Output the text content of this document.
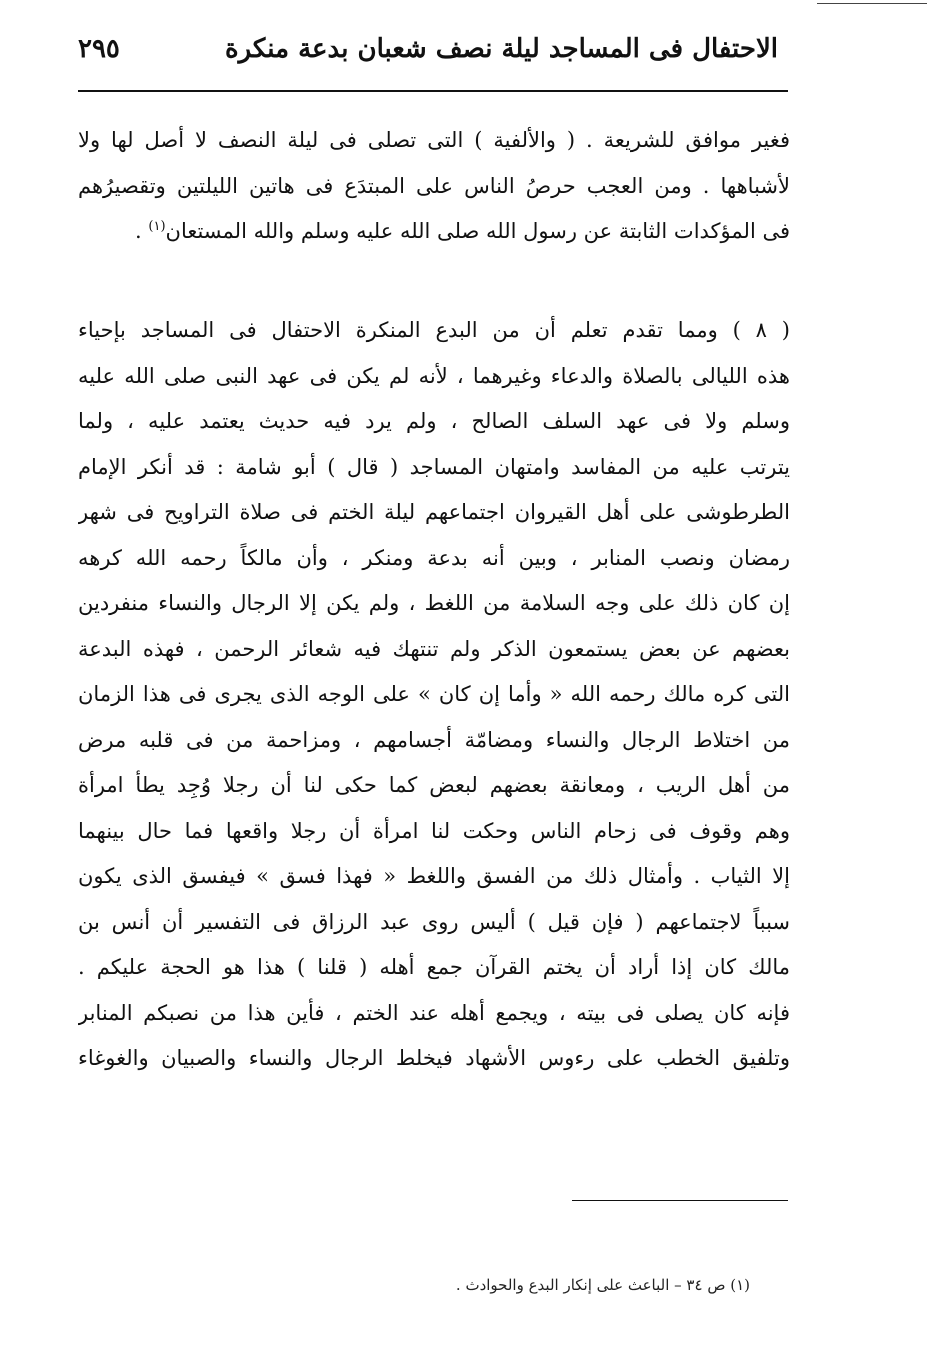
الاحتفال فى المساجد ليلة نصف شعبان بدعة منكرة
٢٩٥
فغير موافق للشريعة . ( والألفية ) التى تصلى فى ليلة النصف لا أصل لها ولا
لأشباهها . ومن العجب حرصُ الناس على المبتدَع فى هاتين الليلتين وتقصيرُهم
فى المؤكدات الثابتة عن رسول الله صلى الله عليه وسلم والله المستعان$^{(١)}$ .
( ٨ ) ومما تقدم تعلم أن من البدع المنكرة الاحتفال فى المساجد بإحياء
هذه الليالى بالصلاة والدعاء وغيرهما ، لأنه لم يكن فى عهد النبى صلى الله عليه
وسلم ولا فى عهد السلف الصالح ، ولم يرد فيه حديث يعتمد عليه ، ولما
يترتب عليه من المفاسد وامتهان المساجد ( قال ) أبو شامة : قد أنكر الإمام
الطرطوشى على أهل القيروان اجتماعهم ليلة الختم فى صلاة التراويح فى شهر
رمضان ونصب المنابر ، وبين أنه بدعة ومنكر ، وأن مالكاً رحمه الله كرهه
إن كان ذلك على وجه السلامة من اللغط ، ولم يكن إلا الرجال والنساء منفردين
بعضهم عن بعض يستمعون الذكر ولم تنتهك فيه شعائر الرحمن ، فهذه البدعة
التى كره مالك رحمه الله « وأما إن كان » على الوجه الذى يجرى فى هذا الزمان
من اختلاط الرجال والنساء ومضامّة أجسامهم ، ومزاحمة من فى قلبه مرض
من أهل الريب ، ومعانقة بعضهم لبعض كما حكى لنا أن رجلا وُجِد يطأ امرأة
وهم وقوف فى زحام الناس وحكت لنا امرأة أن رجلا واقعها فما حال بينهما
إلا الثياب . وأمثال ذلك من الفسق واللغط « فهذا فسق » فيفسق الذى يكون
سبباً لاجتماعهم ( فإن قيل ) أليس روى عبد الرزاق فى التفسير أن أنس بن
مالك كان إذا أراد أن يختم القرآن جمع أهله ( قلنا ) هذا هو الحجة عليكم .
فإنه كان يصلى فى بيته ، ويجمع أهله عند الختم ، فأين هذا من نصبكم المنابر
وتلفيق الخطب على رءوس الأشهاد فيخلط الرجال والنساء والصبيان والغوغاء
(١) ص ٣٤ – الباعث على إنكار البدع والحوادث .
